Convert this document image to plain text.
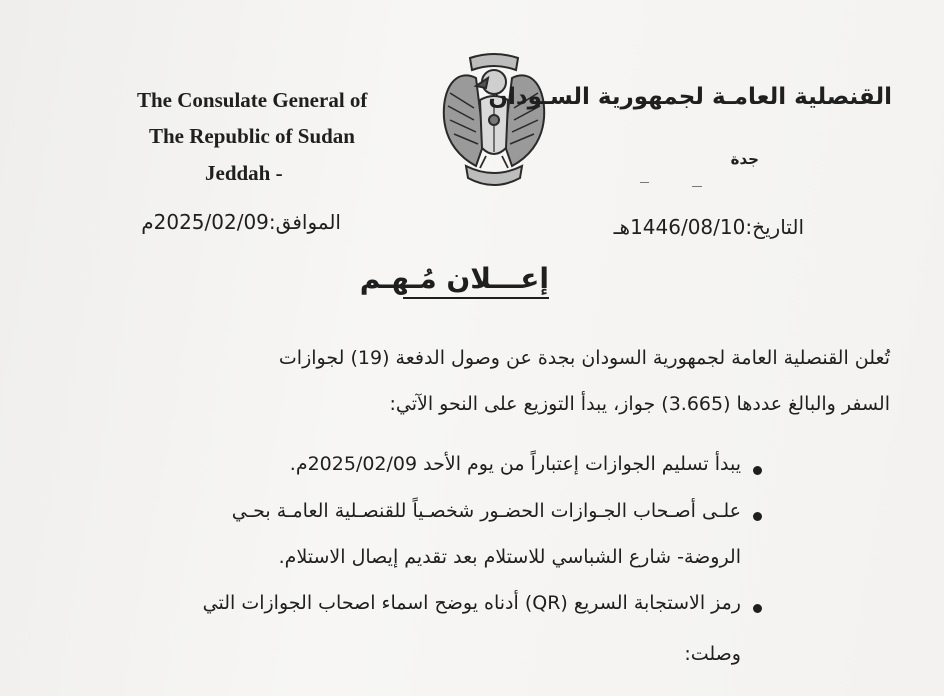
The Consulate General of
The Republic of Sudan
Jeddah -
القنصلية العامـة لجمهورية السـودان
جدة
التاريخ:1446/08/10هـ
الموافق:2025/02/09م
إعـــلان مُـهـم
تُعلن القنصلية العامة لجمهورية السودان بجدة عن وصول الدفعة (19) لجوازات
السفر والبالغ عددها (3.665) جواز، يبدأ التوزيع على النحو الآتي:
يبدأ تسليم الجوازات إعتباراً من يوم الأحد 2025/02/09م.
علـى أصـحاب الجـوازات الحضـور شخصـياً للقنصـلية العامـة بحـي
الروضة- شارع الشباسي للاستلام بعد تقديم إيصال الاستلام.
رمز الاستجابة السريع (QR) أدناه يوضح اسماء اصحاب الجوازات التي
وصلت:
